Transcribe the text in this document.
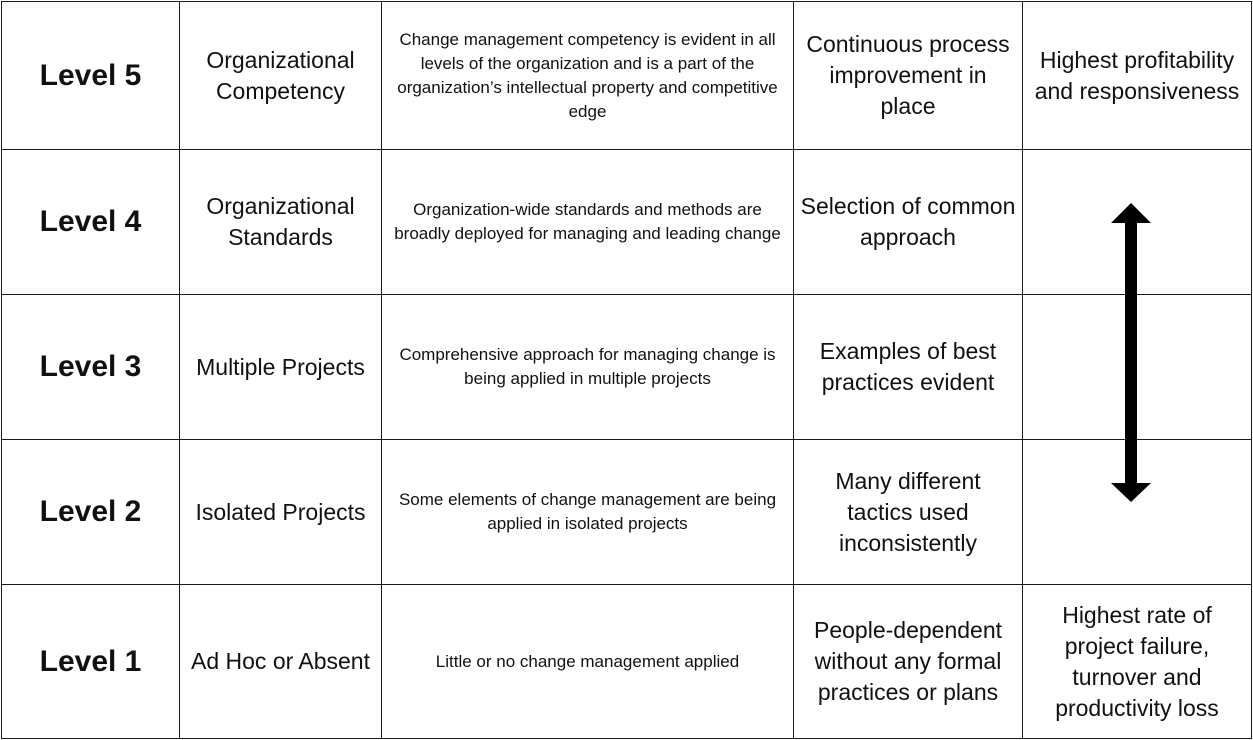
Level 5	Organizational Competency	Change management competency is evident in all levels of the organization and is a part of the organization’s intellectual property and competitive edge	Continuous process improvement in place	Highest profitability and responsiveness
Level 4	Organizational Standards	Organization-wide standards and methods are broadly deployed for managing and leading change	Selection of common approach	
Level 3	Multiple Projects	Comprehensive approach for managing change is being applied in multiple projects	Examples of best practices evident	
Level 2	Isolated Projects	Some elements of change management are being applied in isolated projects	Many different tactics used inconsistently	
Level 1	Ad Hoc or Absent	Little or no change management applied	People-dependent without any formal practices or plans	Highest rate of project failure, turnover and productivity loss
